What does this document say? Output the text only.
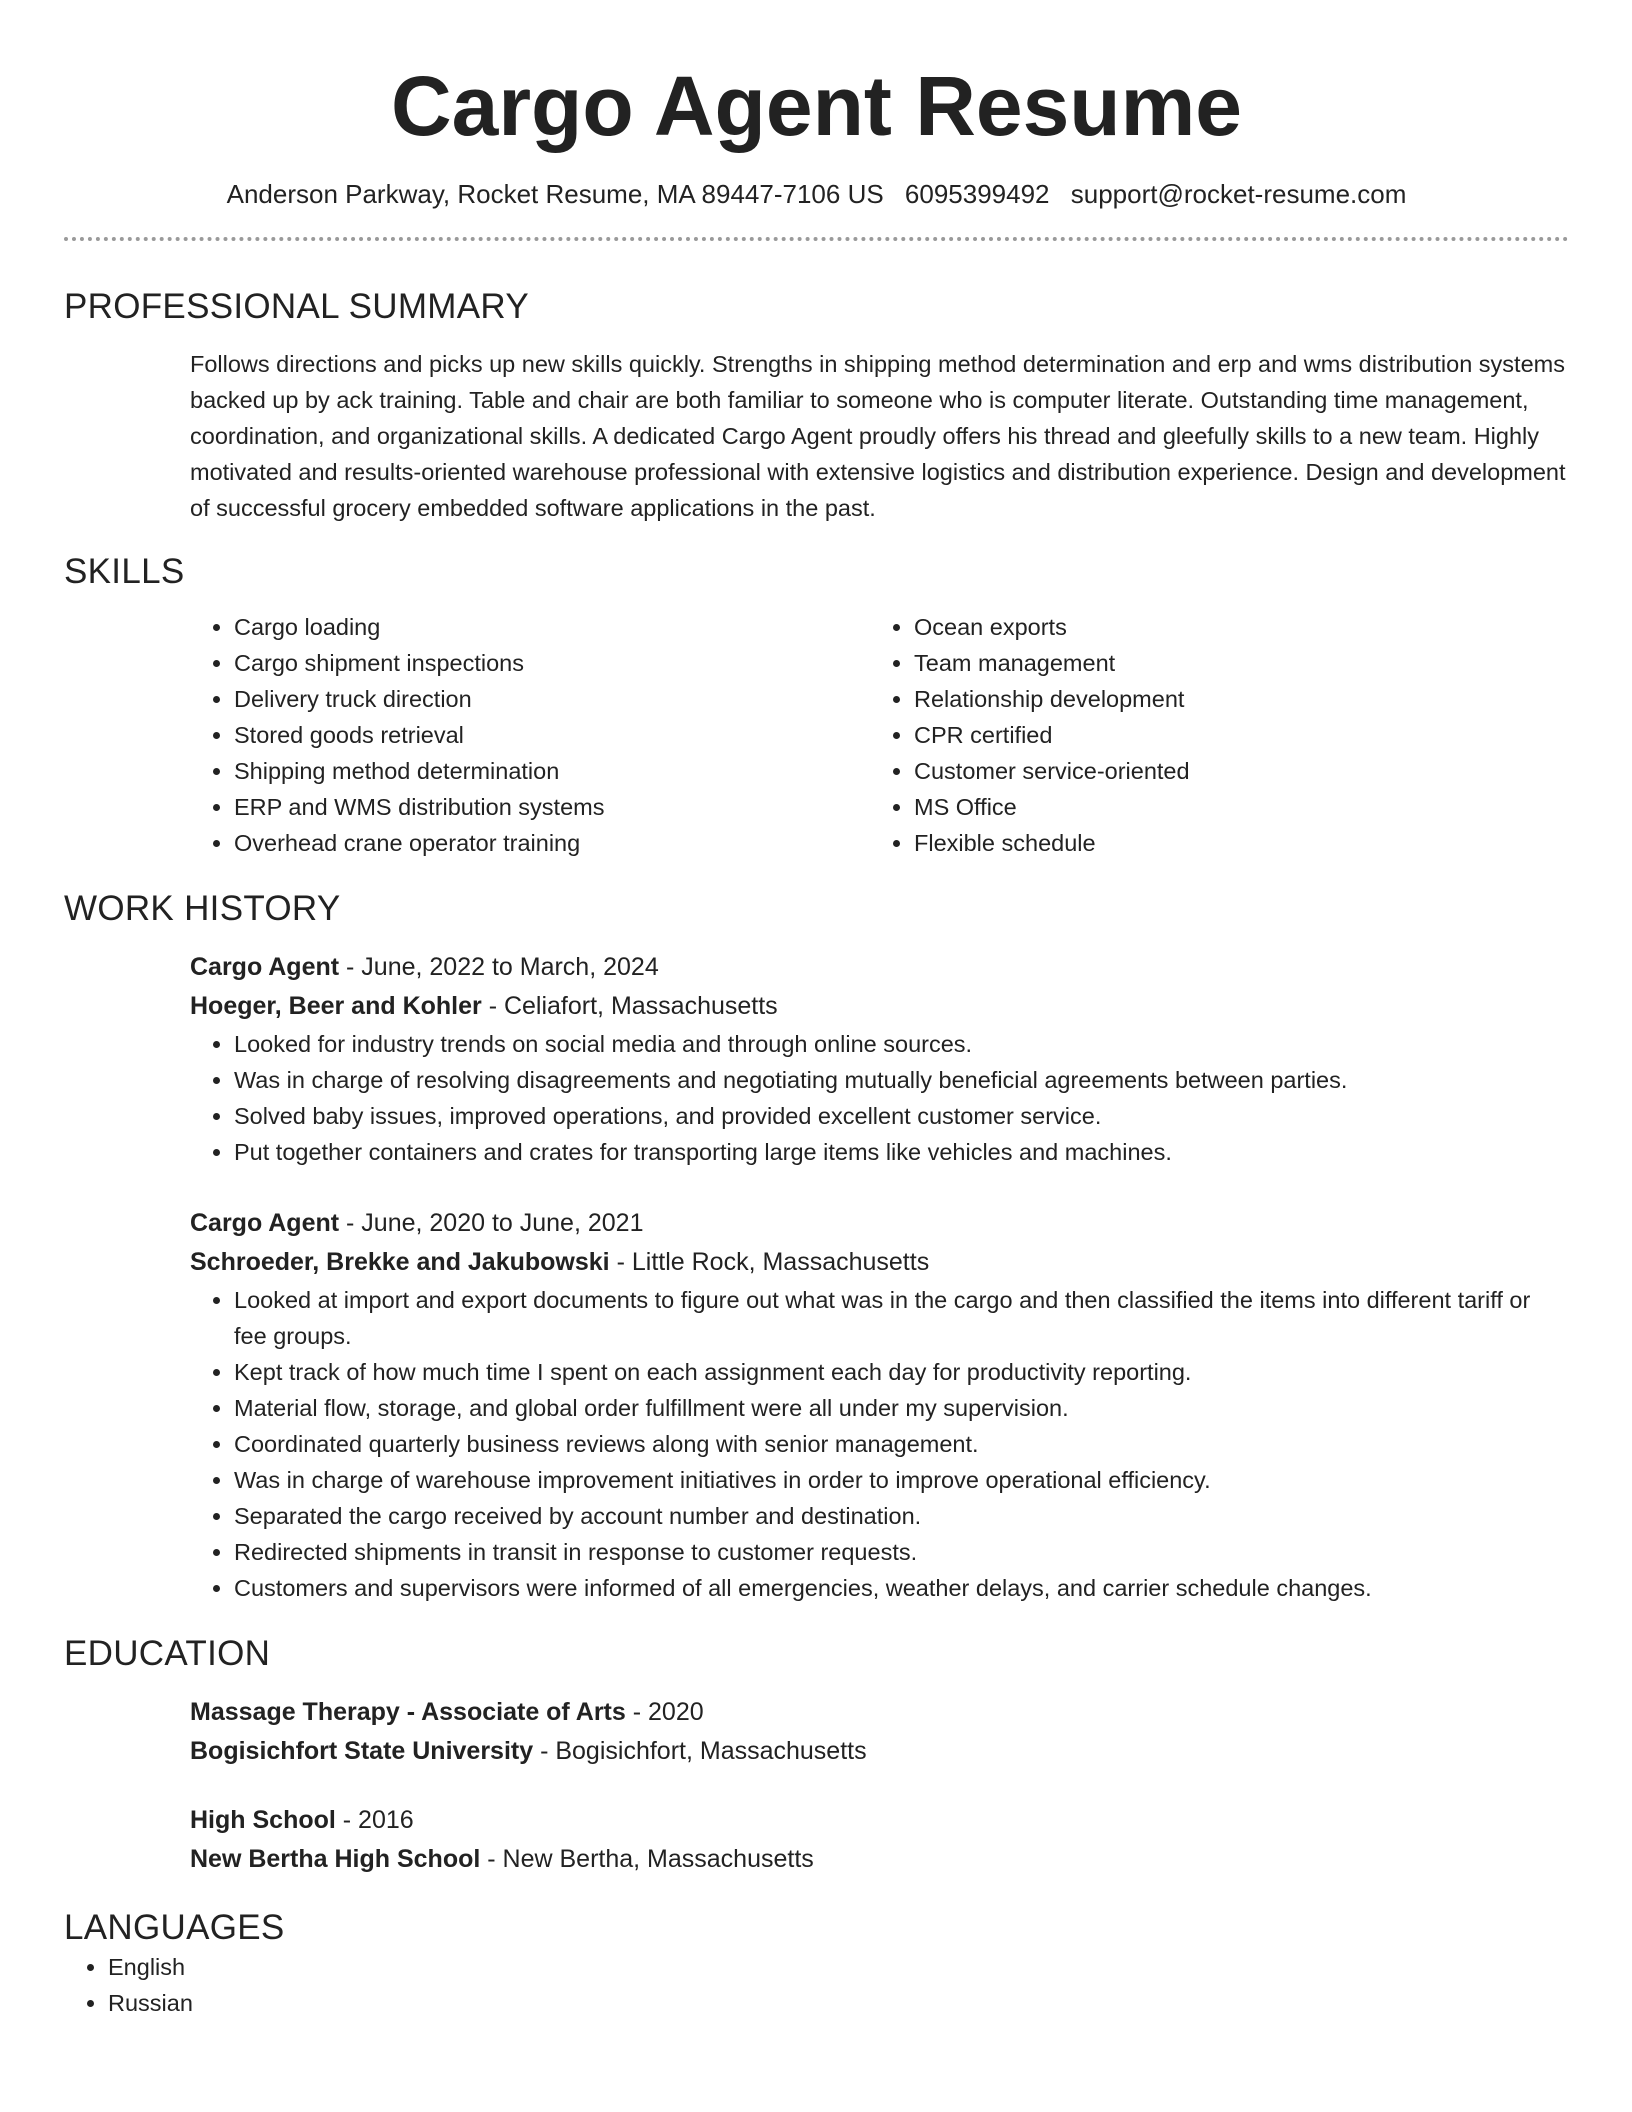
Cargo Agent Resume
Anderson Parkway, Rocket Resume, MA 89447-7106 US 6095399492 support@rocket-resume.com
PROFESSIONAL SUMMARY
Follows directions and picks up new skills quickly. Strengths in shipping method determination and erp and wms distribution systems backed up by ack training. Table and chair are both familiar to someone who is computer literate. Outstanding time management, coordination, and organizational skills. A dedicated Cargo Agent proudly offers his thread and gleefully skills to a new team. Highly motivated and results-oriented warehouse professional with extensive logistics and distribution experience. Design and development of successful grocery embedded software applications in the past.
SKILLS
• Cargo loading
• Cargo shipment inspections
• Delivery truck direction
• Stored goods retrieval
• Shipping method determination
• ERP and WMS distribution systems
• Overhead crane operator training
• Ocean exports
• Team management
• Relationship development
• CPR certified
• Customer service-oriented
• MS Office
• Flexible schedule
WORK HISTORY
Cargo Agent - June, 2022 to March, 2024
Hoeger, Beer and Kohler - Celiafort, Massachusetts
• Looked for industry trends on social media and through online sources.
• Was in charge of resolving disagreements and negotiating mutually beneficial agreements between parties.
• Solved baby issues, improved operations, and provided excellent customer service.
• Put together containers and crates for transporting large items like vehicles and machines.
Cargo Agent - June, 2020 to June, 2021
Schroeder, Brekke and Jakubowski - Little Rock, Massachusetts
• Looked at import and export documents to figure out what was in the cargo and then classified the items into different tariff or fee groups.
• Kept track of how much time I spent on each assignment each day for productivity reporting.
• Material flow, storage, and global order fulfillment were all under my supervision.
• Coordinated quarterly business reviews along with senior management.
• Was in charge of warehouse improvement initiatives in order to improve operational efficiency.
• Separated the cargo received by account number and destination.
• Redirected shipments in transit in response to customer requests.
• Customers and supervisors were informed of all emergencies, weather delays, and carrier schedule changes.
EDUCATION
Massage Therapy - Associate of Arts - 2020
Bogisichfort State University - Bogisichfort, Massachusetts
High School - 2016
New Bertha High School - New Bertha, Massachusetts
LANGUAGES
• English
• Russian
